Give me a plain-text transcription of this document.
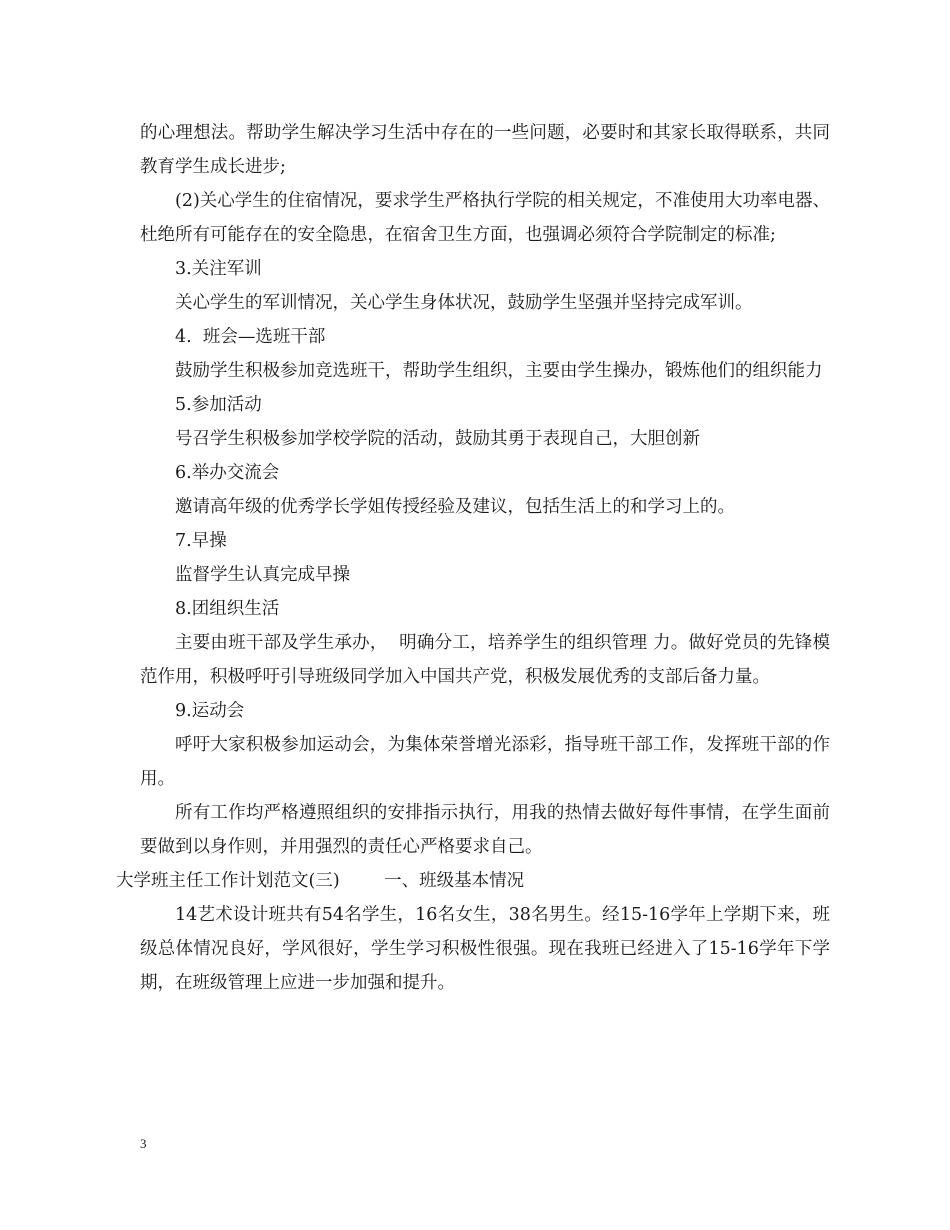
的心理想法。帮助学生解决学习生活中存在的一些问题，必要时和其家长取得联系，共同教育学生成长进步;

(2)关心学生的住宿情况，要求学生严格执行学院的相关规定，不准使用大功率电器、杜绝所有可能存在的安全隐患，在宿舍卫生方面，也强调必须符合学院制定的标准;

3.关注军训

关心学生的军训情况，关心学生身体状况，鼓励学生坚强并坚持完成军训。

4.  班会—选班干部

鼓励学生积极参加竞选班干，帮助学生组织，主要由学生操办，锻炼他们的组织能力

5.参加活动

号召学生积极参加学校学院的活动，鼓励其勇于表现自己，大胆创新

6.举办交流会

邀请高年级的优秀学长学姐传授经验及建议，包括生活上的和学习上的。

7.早操

监督学生认真完成早操

8.团组织生活

主要由班干部及学生承办，  明确分工，培养学生的组织管理 力。做好党员的先锋模范作用，积极呼吁引导班级同学加入中国共产党，积极发展优秀的支部后备力量。

9.运动会

呼吁大家积极参加运动会，为集体荣誉增光添彩，指导班干部工作，发挥班干部的作用。

所有工作均严格遵照组织的安排指示执行，用我的热情去做好每件事情，在学生面前要做到以身作则，并用强烈的责任心严格要求自己。

大学班主任工作计划范文(三)        一、班级基本情况

14艺术设计班共有54名学生，16名女生，38名男生。经15-16学年上学期下来，班级总体情况良好，学风很好，学生学习积极性很强。现在我班已经进入了15-16学年下学期，在班级管理上应进一步加强和提升。

3
